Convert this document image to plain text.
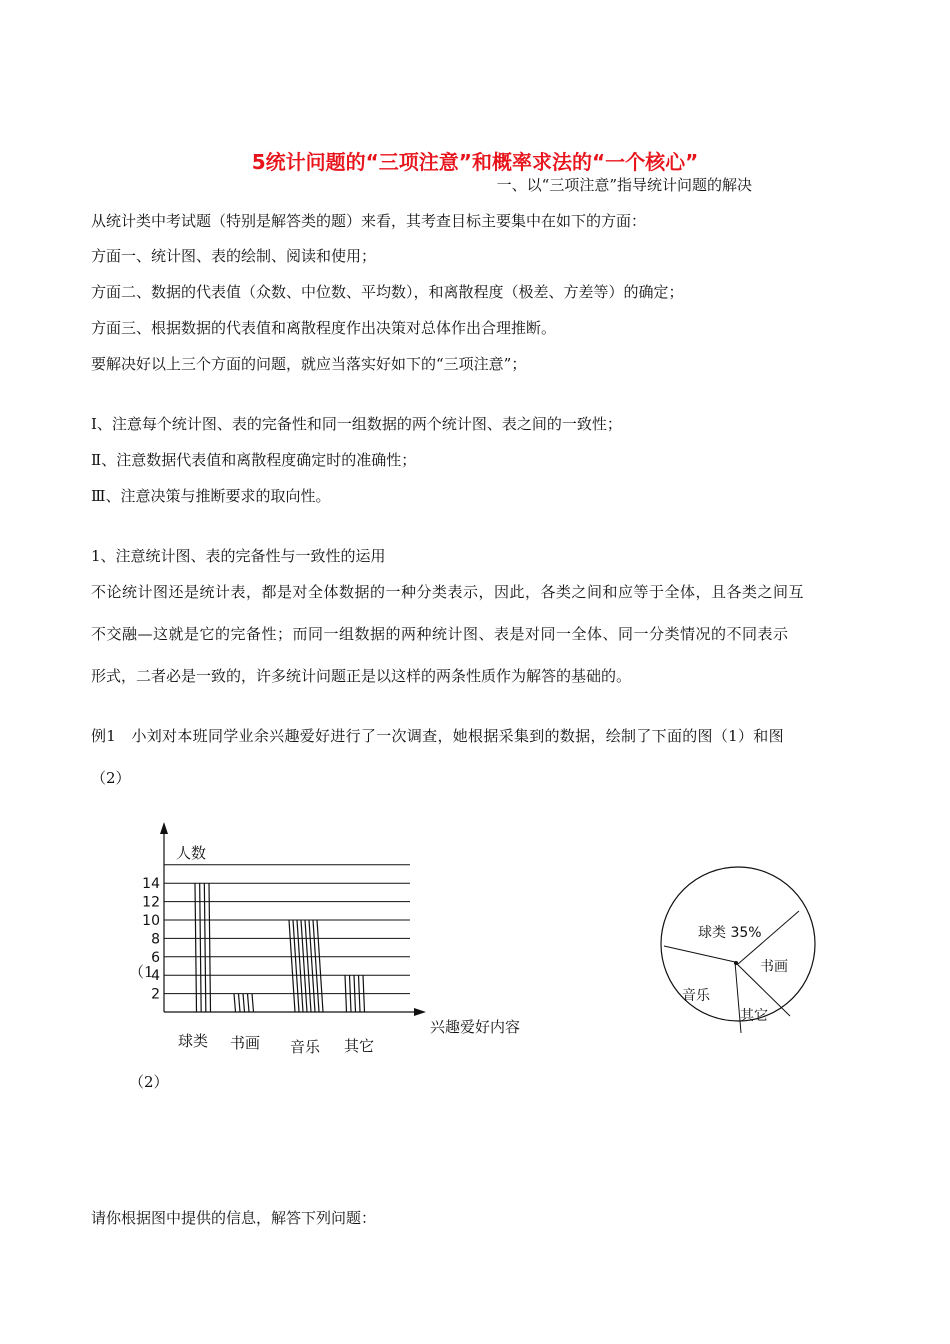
5统计问题的“三项注意”和概率求法的“一个核心”
一、以“三项注意”指导统计问题的解决
从统计类中考试题（特别是解答类的题）来看，其考查目标主要集中在如下的方面：
方面一、统计图、表的绘制、阅读和使用；
方面二、数据的代表值（众数、中位数、平均数），和离散程度（极差、方差等）的确定；
方面三、根据数据的代表值和离散程度作出决策对总体作出合理推断。
要解决好以上三个方面的问题，就应当落实好如下的“三项注意”；
Ⅰ、注意每个统计图、表的完备性和同一组数据的两个统计图、表之间的一致性；
Ⅱ、注意数据代表值和离散程度确定时的准确性；
Ⅲ、注意决策与推断要求的取向性。
1、注意统计图、表的完备性与一致性的运用
不论统计图还是统计表，都是对全体数据的一种分类表示，因此，各类之间和应等于全体，且各类之间互
不交融—这就是它的完备性；而同一组数据的两种统计图、表是对同一全体、同一分类情况的不同表示
形式，二者必是一致的，许多统计问题正是以这样的两条性质作为解答的基础的。
例1　小刘对本班同学业余兴趣爱好进行了一次调查，她根据采集到的数据，绘制了下面的图（1）和图
（2）
（1
（2）
请你根据图中提供的信息，解答下列问题：
2
4
6
8
10
12
14
球类 书画 音乐 其它
人数
兴趣爱好内容
球类 35%
书画
音乐
其它
